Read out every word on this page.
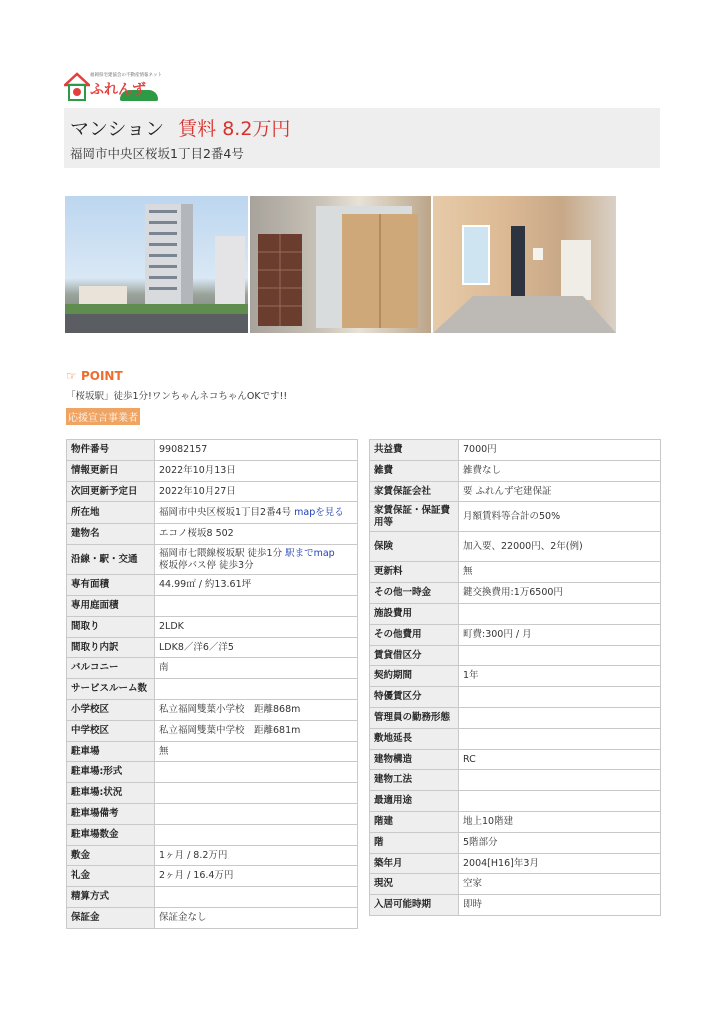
福岡県宅建協会の不動産情報ネット
ふれんず
マンション 賃料 8.2万円
福岡市中央区桜坂1丁目2番4号
☞ POINT
「桜坂駅」徒歩1分!ワンちゃんネコちゃんOKです!!
応援宣言事業者
物件番号	99082157
情報更新日	2022年10月13日
次回更新予定日	2022年10月27日
所在地	福岡市中央区桜坂1丁目2番4号 mapを見る
建物名	エコノ桜坂8 502
沿線・駅・交通	福岡市七隈線桜坂駅 徒歩1分 駅までmap
桜坂停バス停 徒歩3分
専有面積	44.99㎡ / 約13.61坪
専用庭面積	
間取り	2LDK
間取り内訳	LDK8／洋6／洋5
バルコニー	南
サービスルーム数	
小学校区	私立福岡雙葉小学校　距離868m
中学校区	私立福岡雙葉中学校　距離681m
駐車場	無
駐車場:形式	
駐車場:状況	
駐車場備考	
駐車場数金	
敷金	1ヶ月 / 8.2万円
礼金	2ヶ月 / 16.4万円
精算方式	
保証金	保証金なし
共益費	7000円
雑費	雑費なし
家賃保証会社	要 ふれんず宅建保証
家賃保証・保証費用等	月額賃料等合計の50%
保険	加入要、22000円、2年(例)
更新料	無
その他一時金	鍵交換費用:1万6500円
施設費用	
その他費用	町費:300円 / 月
賃貸借区分	
契約期間	1年
特優賃区分	
管理員の勤務形態	
敷地延長	
建物構造	RC
建物工法	
最適用途	
階建	地上10階建
階	5階部分
築年月	2004[H16]年3月
現況	空家
入居可能時期	即時
